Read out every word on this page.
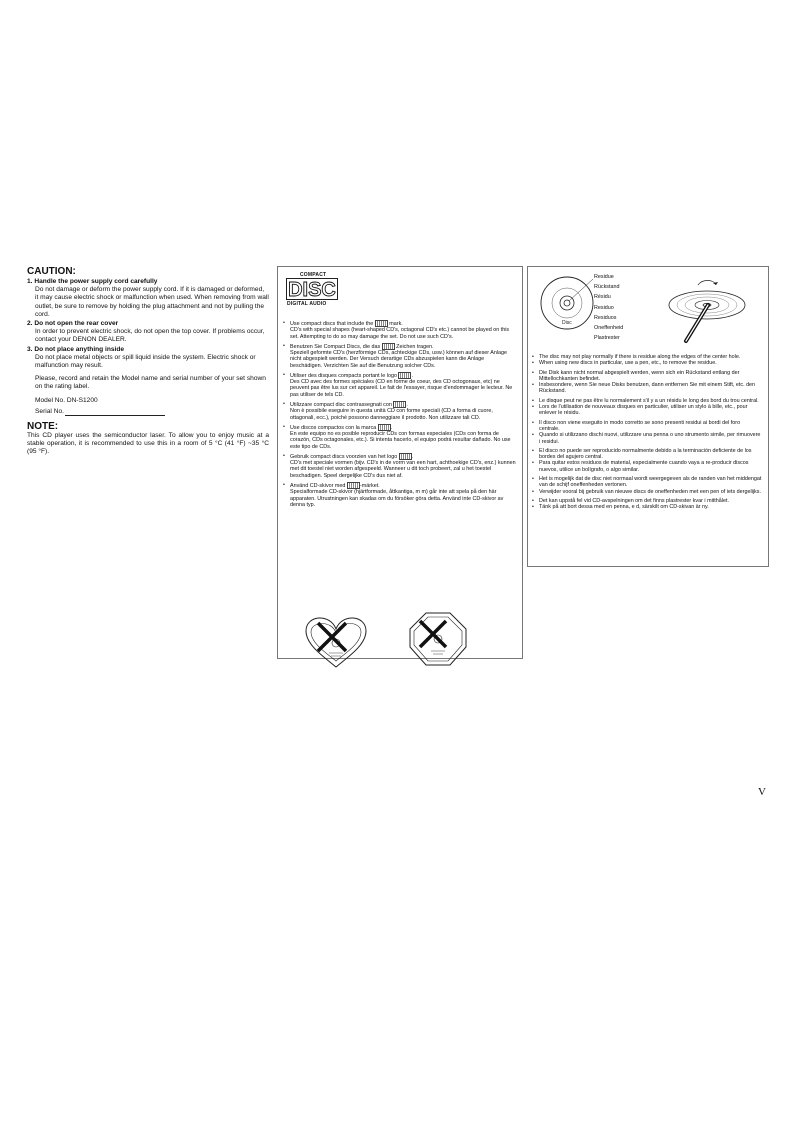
CAUTION:
1. Handle the power supply cord carefully
Do not damage or deform the power supply cord. If it is damaged or deformed, it may cause electric shock or malfunction when used. When removing from wall outlet, be sure to remove by holding the plug attachment and not by pulling the cord.
2. Do not open the rear cover
In order to prevent electric shock, do not open the top cover. If problems occur, contact your DENON DEALER.
3. Do not place anything inside
Do not place metal objects or spill liquid inside the system. Electric shock or malfunction may result.
Please, record and retain the Model name and serial number of your set shown on the rating label.
Model No. DN-S1200
Serial No.
NOTE:
This CD player uses the semiconductor laser. To allow you to enjoy music at a stable operation, it is recommended to use this in a room of 5 °C (41 °F) ~35 °C (95 °F).
COMPACT
DISC
DIGITAL AUDIO
• Use compact discs that include the  mark.
CD's with special shapes (heart-shaped CD's, octagonal CD's etc.) cannot be played on this set. Attempting to do so may damage the set. Do not use such CD's.
• Benutzen Sie Compact Discs, die das  Zeichen tragen.
Speziell geformte CD's (herzförmige CDs, achteckige CDs, usw.) können auf dieser Anlage nicht abgespielt werden. Der Versuch derartige CDs abzuspielen kann die Anlage beschädigen. Verzichten Sie auf die Benutzung solcher CDs.
• Utiliser des disques compacts portant le logo .
Des CD avec des formes spéciales (CD en forme de coeur, des CD octogonaux, etc) ne peuvent pas être lus sur cet appareil. Le fait de l'essayer, risque d'endommager le lecteur. Ne pas utiliser de tels CD.
• Utilizzare compact disc contrassegnati con .
Non è possibile eseguire in questa unità CD con forme speciali (CD a forma di cuore, ottagonali, ecc.), poiché possono danneggiare il prodotto. Non utilizzare tali CD.
• Use discos compactos con la marca .
En este equipo no es posible reproducir CDs con formas especiales (CDs con forma de corazón, CDs octagonales, etc.). Si intenta hacerlo, el equipo podrá resultar dañado. No use este tipo de CDs.
• Gebruik compact discs voorzien van het logo .
CD's met speciale vormen (bijv. CD's in de vorm van een hart, achthoekige CD's, enz.) kunnen met dit toestel niet worden afgespeeld. Wanneer u dit toch probeert, zal u het toestel beschadigen. Speel dergelijke CD's dus niet af.
• Använd CD-skivor med -märket.
Specialformade CD-skivor (hjärtformade, åttkantiga, m m) går inte att spela på den här apparaten. Utrustningen kan skadas om du försöker göra detta. Använd inte CD-skivor av denna typ.
Disc
Residue
Rückstand
Résidu
Residuo
Residuos
Oneffenheid
Plastrester
• The disc may not play normally if there is residue along the edges of the center hole.
• When using new discs in particular, use a pen, etc., to remove the residue.
• Die Disk kann nicht normal abgespielt werden, wenn sich ein Rückstand entlang der Mittellochkanten befindet.
• Insbesondere, wenn Sie neue Disks benutzen, dann entfernen Sie mit einem Stift, etc. den Rückstand.
• Le disque peut ne pas être lu normalement s'il y a un résidu le long des bord du trou central.
• Lors de l'utilisation de nouveaux disques en particulier, utiliser un stylo à bille, etc., pour enlever le résidu.
• Il disco non viene eseguito in modo corretto se sono presenti residui ai bordi del foro centrale.
• Quando si utilizzano dischi nuovi, utilizzare una penna o uno strumento simile, per rimuovere i residui.
• El disco no puede ser reproducido normalmente debido a la terminación deficiente de los bordes del agujero central.
• Para quitar estos residuos de material, especialmente cuando vaya a re-producir discos nuevos, utilice un bolígrafo, o algo similar.
• Het is mogelijk dat de disc niet normaal wordt weergegeven als de randen van het middengat van de schijf oneffenheden vertonen.
• Verwijder vooral bij gebruik van nieuwe discs de oneffenheden met een pen of iets dergelijks.
• Det kan uppstå fel vid CD-avspelningen om det finns plastrester kvar i mitthålet.
• Tänk på att bort dessa med en penna, e d, särskilt om CD-skivan är ny.
V
